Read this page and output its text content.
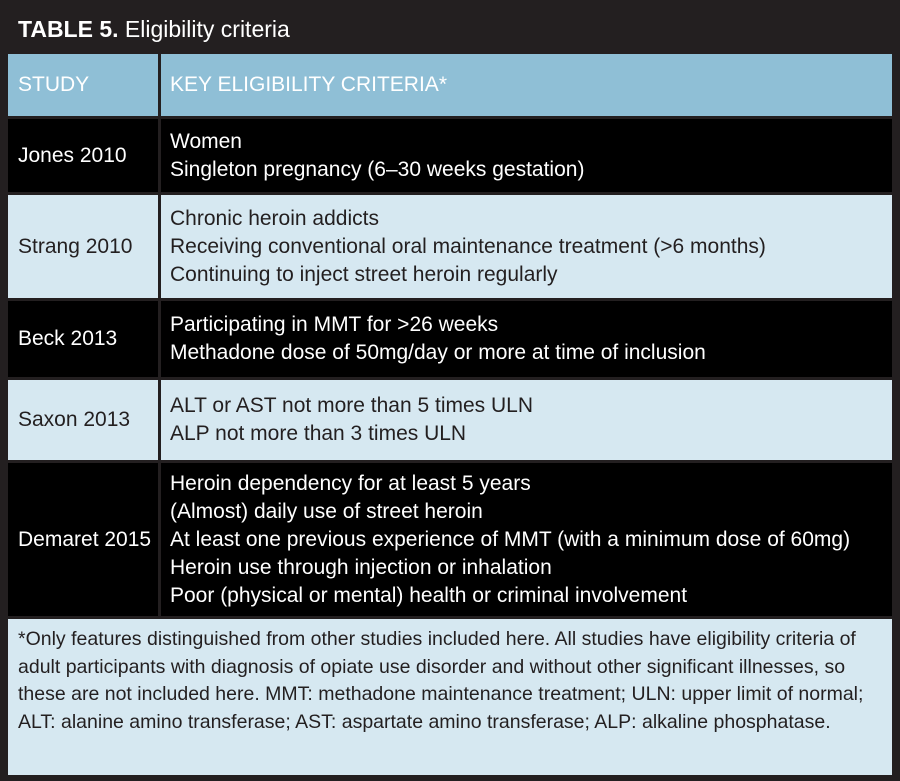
TABLE 5. Eligibility criteria
STUDY	KEY ELIGIBILITY CRITERIA*
Jones 2010
Women
Singleton pregnancy (6–30 weeks gestation)
Strang 2010
Chronic heroin addicts
Receiving conventional oral maintenance treatment (>6 months)
Continuing to inject street heroin regularly
Beck 2013
Participating in MMT for >26 weeks
Methadone dose of 50mg/day or more at time of inclusion
Saxon 2013
ALT or AST not more than 5 times ULN
ALP not more than 3 times ULN
Demaret 2015
Heroin dependency for at least 5 years
(Almost) daily use of street heroin
At least one previous experience of MMT (with a minimum dose of 60mg)
Heroin use through injection or inhalation
Poor (physical or mental) health or criminal involvement
*Only features distinguished from other studies included here. All studies have eligibility criteria of adult participants with diagnosis of opiate use disorder and without other significant illnesses, so these are not included here. MMT: methadone maintenance treatment; ULN: upper limit of normal; ALT: alanine amino transferase; AST: aspartate amino transferase; ALP: alkaline phosphatase.
